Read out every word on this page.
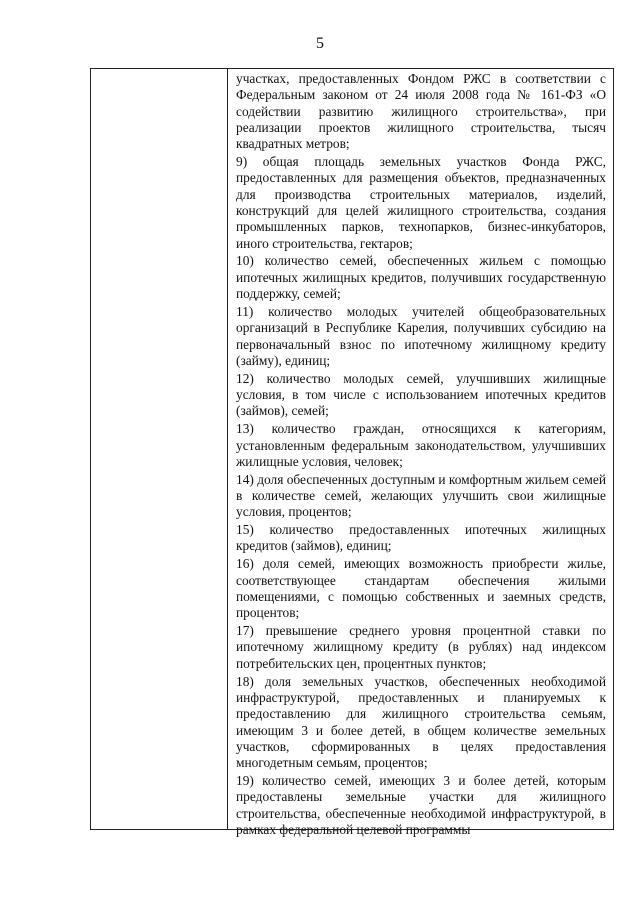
5

участках, предоставленных Фондом РЖС в соответствии с Федеральным законом от 24 июля 2008 года № 161-ФЗ «О содействии развитию жилищного строительства», при реализации проектов жилищного строительства, тысяч квадратных метров;

9) общая площадь земельных участков Фонда РЖС, предоставленных для размещения объектов, предназначенных для производства строительных материалов, изделий, конструкций для целей жилищного строительства, создания промышленных парков, технопарков, бизнес-инкубаторов, иного строительства, гектаров;

10) количество семей, обеспеченных жильем с помощью ипотечных жилищных кредитов, получивших государственную поддержку, семей;

11) количество молодых учителей общеобразовательных организаций в Республике Карелия, получивших субсидию на первоначальный взнос по ипотечному жилищному кредиту (займу), единиц;

12) количество молодых семей, улучшивших жилищные условия, в том числе с использованием ипотечных кредитов (займов), семей;

13) количество граждан, относящихся к категориям, установленным федеральным законодательством, улучшивших жилищные условия, человек;

14) доля обеспеченных доступным и комфортным жильем семей в количестве семей, желающих улучшить свои жилищные условия, процентов;

15) количество предоставленных ипотечных жилищных кредитов (займов), единиц;

16) доля семей, имеющих возможность приобрести жилье, соответствующее стандартам обеспечения жилыми помещениями, с помощью собственных и заемных средств, процентов;

17) превышение среднего уровня процентной ставки по ипотечному жилищному кредиту (в рублях) над индексом потребительских цен, процентных пунктов;

18) доля земельных участков, обеспеченных необходимой инфраструктурой, предоставленных и планируемых к предоставлению для жилищного строительства семьям, имеющим 3 и более детей, в общем количестве земельных участков, сформированных в целях предоставления многодетным семьям, процентов;

19) количество семей, имеющих 3 и более детей, которым предоставлены земельные участки для жилищного строительства, обеспеченные необходимой инфраструктурой, в рамках федеральной целевой программы
